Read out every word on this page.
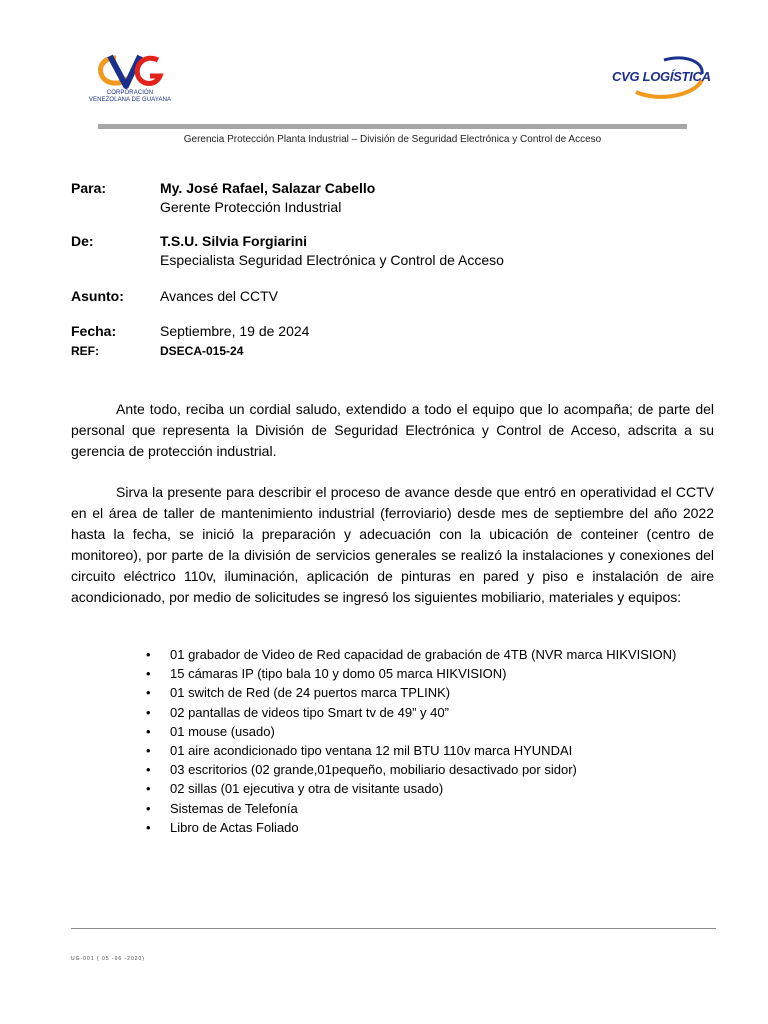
CORPORACIÓN
VENEZOLANA DE GUAYANA
CVG LOGÍSTICA
Gerencia Protección Planta Industrial – División de Seguridad Electrónica y Control de Acceso
Para:	My. José Rafael, Salazar Cabello
Gerente Protección Industrial
De:	T.S.U. Silvia Forgiarini
Especialista Seguridad Electrónica y Control de Acceso
Asunto:	Avances del CCTV
Fecha:	Septiembre, 19 de 2024
REF:	DSECA-015-24
Ante todo, reciba un cordial saludo, extendido a todo el equipo que lo acompaña; de parte del personal que representa la División de Seguridad Electrónica y Control de Acceso, adscrita a su gerencia de protección industrial.
Sirva la presente para describir el proceso de avance desde que entró en operatividad el CCTV en el área de taller de mantenimiento industrial (ferroviario) desde mes de septiembre del año 2022 hasta la fecha, se inició la preparación y adecuación con la ubicación de conteiner (centro de monitoreo), por parte de la división de servicios generales se realizó la instalaciones y conexiones del circuito eléctrico 110v, iluminación, aplicación de pinturas en pared y piso e instalación de aire acondicionado, por medio de solicitudes se ingresó los siguientes mobiliario, materiales y equipos:
• 01 grabador de Video de Red capacidad de grabación de 4TB (NVR marca HIKVISION)
• 15 cámaras IP (tipo bala 10 y domo 05 marca HIKVISION)
• 01 switch de Red (de 24 puertos marca TPLINK)
• 02 pantallas de videos tipo Smart tv de 49” y 40”
• 01 mouse (usado)
• 01 aire acondicionado tipo ventana 12 mil BTU 110v marca HYUNDAI
• 03 escritorios (02 grande,01pequeño, mobiliario desactivado por sidor)
• 02 sillas (01 ejecutiva y otra de visitante usado)
• Sistemas de Telefonía
• Libro de Actas Foliado
UG-001 ( 05 -06 -2020)
